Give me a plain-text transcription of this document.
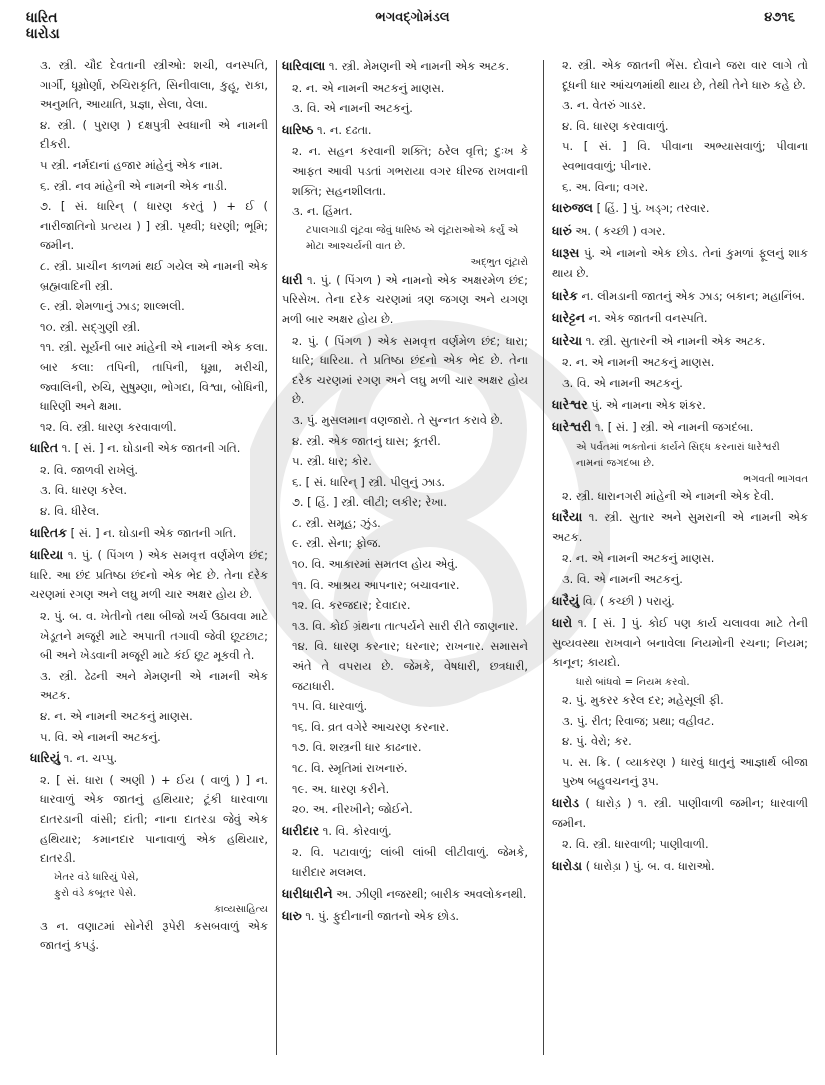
ધારિત
ધારોડા
ભગવદ્ગોમંડલ	૪૭૧૬
૩. સ્ત્રી. ચૌદ દેવતાની સ્ત્રીઓ: શચી, વનસ્પતિ, ગાર્ગી, ધૂમ્રોર્ણા, રુચિરાકૃતિ, સિનીવાલા, કુહૂ, રાકા, અનુમતિ, આયાતિ, પ્રજ્ઞા, સેલા, વેલા.
૪. સ્ત્રી. ( પુરાણ ) દક્ષપુત્રી સ્વધાની એ નામની દીકરી.
૫ સ્ત્રી. નર્મદાનાં હજાર માંહેનું એક નામ.
૬. સ્ત્રી. નવ માંહેની એ નામની એક નાડી.
૭. [ સં. ધારિન્ ( ધારણ કરતું ) + ઈ ( નારીજાતિનો પ્રત્યય ) ] સ્ત્રી. પૃથ્વી; ધરણી; ભૂમિ; જમીન.
૮. સ્ત્રી. પ્રાચીન કાળમાં થઈ ગયેલ એ નામની એક બ્રહ્મવાદિની સ્ત્રી.
૯. સ્ત્રી. શેમળાનું ઝાડ; શાલ્મલી.
૧૦. સ્ત્રી. સદ્ગુણી સ્ત્રી.
૧૧. સ્ત્રી. સૂર્યની બાર માંહેની એ નામની એક કલા. બાર કલા: તપિની, તાપિની, ધૂમ્રા, મરીચી, જ્વાલિની, રુચિ, સુષુમ્ણા, ભોગદા, વિશ્વા, બોધિની, ધારિણી અને ક્ષમા.
૧૨. વિ. સ્ત્રી. ધારણ કરવાવાળી.
ધારિત ૧. [ સં. ] ન. ઘોડાની એક જાતની ગતિ.
૨. વિ. જાળવી રાખેલું.
૩. વિ. ધારણ કરેલ.
૪. વિ. ધીરેલ.
ધારિતક [ સં. ] ન. ઘોડાની એક જાતની ગતિ.
ધારિયા ૧. પું. ( પિંગળ ) એક સમવૃત્ત વર્ણમેળ છંદ; ધારિ. આ છંદ પ્રતિષ્ઠા છંદનો એક ભેદ છે. તેના દરેક ચરણમાં રગણ અને લઘુ મળી ચાર અક્ષર હોય છે.
૨. પું. બ. વ. ખેતીનો તથા બીજો ખર્ચ ઉઠાવવા માટે ખેડૂતને મજૂરી માટે અપાતી તગાવી જેવી છૂટછાટ; બી અને ખેડવાની મજૂરી માટે કંઈ છૂટ મૂકવી તે.
૩. સ્ત્રી. ઢેઢની અને મેમણની એ નામની એક અટક.
૪. ન. એ નામની અટકનું માણસ.
૫. વિ. એ નામની અટકનું.
ધારિયું ૧. ન. ચપ્પુ.
૨. [ સં. ધારા ( અણી ) + ઈય ( વાળું ) ] ન. ધારવાળું એક જાતનું હથિયાર; ટૂંકી ધારવાળા દાતરડાની વાંસી; દાંતી; નાના દાતરડા જેવું એક હથિયાર; કમાનદાર પાનાવાળું એક હથિયાર, દાતરડી.
ખેતર વંડે ધારિયું પેસે,
ફુરો વંડે કબૂતર પેસે.
કાવ્યસાહિત્ય
૩ ન. વણાટમાં સોનેરી રૂપેરી કસબવાળું એક જાતનું કપડું.
ધારિવાલા ૧. સ્ત્રી. મેમણની એ નામની એક અટક.
૨. ન. એ નામની અટકનું માણસ.
૩. વિ. એ નામની અટકનું.
ધારિષ્ઠ ૧. ન. દઢતા.
૨. ન. સહન કરવાની શક્તિ; ઠરેલ વૃત્તિ; દુઃખ કે આફત આવી પડતાં ગભરાયા વગર ધીરજ રાખવાની શક્તિ; સહનશીલતા.
૩. ન. હિંમત.
ટપાલગાડી લૂંટવા જેવું ધારિષ્ઠ એ લૂંટારાઓએ કર્યું એ મોટા આશ્ચર્યની વાત છે.
અદ્ભુત લૂંટારો
ધારી ૧. પું. ( પિંગળ ) એ નામનો એક અક્ષરમેળ છંદ; પરિસેખ. તેના દરેક ચરણમાં ત્રણ જગણ અને યગણ મળી બાર અક્ષર હોય છે.
૨. પું. ( પિંગળ ) એક સમવૃત્ત વર્ણમેળ છંદ; ધારા; ધારિ; ધારિયા. તે પ્રતિષ્ઠા છંદનો એક ભેદ છે. તેના દરેક ચરણમાં રગણ અને લઘુ મળી ચાર અક્ષર હોય છે.
૩. પું. મુસલમાન વણજારો. તે સુન્નત કરાવે છે.
૪. સ્ત્રી. એક જાતનું ઘાસ; કૂતરી.
૫. સ્ત્રી. ધાર; કોર.
૬. [ સં. ધારિન્ ] સ્ત્રી. પીલુનું ઝાડ.
૭. [ હિં. ] સ્ત્રી. લીટી; લકીર; રેખા.
૮. સ્ત્રી. સમૂહ; ઝુંડ.
૯. સ્ત્રી. સેના; ફોજ.
૧૦. વિ. આકારમાં સમતલ હોય એવું.
૧૧. વિ. આશ્રય આપનાર; બચાવનાર.
૧૨. વિ. કરજદાર; દેવાદાર.
૧૩. વિ. કોઈ ગ્રંથના તાત્પર્યને સારી રીતે જાણનાર.
૧૪. વિ. ધારણ કરનાર; ધરનાર; રાખનાર. સમાસને અંતે તે વપરાય છે. જેમકે, વેષધારી, છત્રધારી, જટાધારી.
૧૫. વિ. ધારવાળું.
૧૬. વિ. વ્રત વગેરે આચરણ કરનાર.
૧૭. વિ. શસ્ત્રની ધાર કાઢનાર.
૧૮. વિ. સ્મૃતિમાં રાખનારું.
૧૯. અ. ધારણ કરીને.
૨૦. અ. નીરખીને; જોઈને.
ધારીદાર ૧. વિ. કોરવાળું.
૨. વિ. પટાવાળું; લાંબી લાંબી લીટીવાળું. જેમકે, ધારીદાર મલમલ.
ધારીધારીને અ. ઝીણી નજરથી; બારીક અવલોકનથી.
ધારુ ૧. પું. ફુદીનાની જાતનો એક છોડ.
૨. સ્ત્રી. એક જાતની ભેંસ. દોવાને જરા વાર લાગે તો દૂધની ધાર આંચળમાંથી થાય છે, તેથી તેને ધારુ કહે છે.
૩. ન. વેતરું ગાડર.
૪. વિ. ધારણ કરવાવાળું.
૫. [ સં. ] વિ. પીવાના અભ્યાસવાળું; પીવાના સ્વભાવવાળું; પીનાર.
૬. અ. વિના; વગર.
ધારુજલ [ હિં. ] પું. ખડ્ગ; તરવાર.
ધારું અ. ( કચ્છી ) વગર.
ધારૂસ પું. એ નામનો એક છોડ. તેનાં કુમળાં ફૂલનું શાક થાય છે.
ધારેક ન. લીમડાની જાતનું એક ઝાડ; બકાન; મહાનિંબ.
ધારેટ્ટન ન. એક જાતની વનસ્પતિ.
ધારેચા ૧. સ્ત્રી. સુતારની એ નામની એક અટક.
૨. ન. એ નામની અટકનું માણસ.
૩. વિ. એ નામની અટકનું.
ધારેશ્વર પું. એ નામના એક શંકર.
ધારેશ્વરી ૧. [ સં. ] સ્ત્રી. એ નામની જગદંબા.
એ પર્વતમાં ભક્તોનાં કાર્યને સિદ્ધ કરનારાં ધારેશ્વરી નામનાં જગદંબા છે.
ભગવતી ભાગવત
૨. સ્ત્રી. ધારાનગરી માંહેની એ નામની એક દેવી.
ધારૈયા ૧. સ્ત્રી. સુતાર અને સુમરાની એ નામની એક અટક.
૨. ન. એ નામની અટકનું માણસ.
૩. વિ. એ નામની અટકનું.
ધારૈયું વિ. ( કચ્છી ) પરાયું.
ધારો ૧. [ સં. ] પું. કોઈ પણ કાર્ય ચલાવવા માટે તેની સુવ્યવસ્થા રાખવાને બનાવેલા નિયમોની રચના; નિયમ; કાનૂન; કાયદો.
ધારો બાંધવો = નિયમ કરવો.
૨. પું. મુકરર કરેલ દર; મહેસૂલી ફી.
૩. પું. રીત; રિવાજ; પ્રથા; વહીવટ.
૪. પું. વેરો; કર.
૫. સ. ક્રિ. ( વ્યાકરણ ) ધારવું ધાતુનું આજ્ઞાર્થ બીજા પુરુષ બહુવચનનું રૂપ.
ધારોડ ( ધારોડ઼ ) ૧. સ્ત્રી. પાણીવાળી જમીન; ધારવાળી જમીન.
૨. વિ. સ્ત્રી. ધારવાળી; પાણીવાળી.
ધારોડા ( ધારોડ઼ા ) પું. બ. વ. ધારાઓ.
